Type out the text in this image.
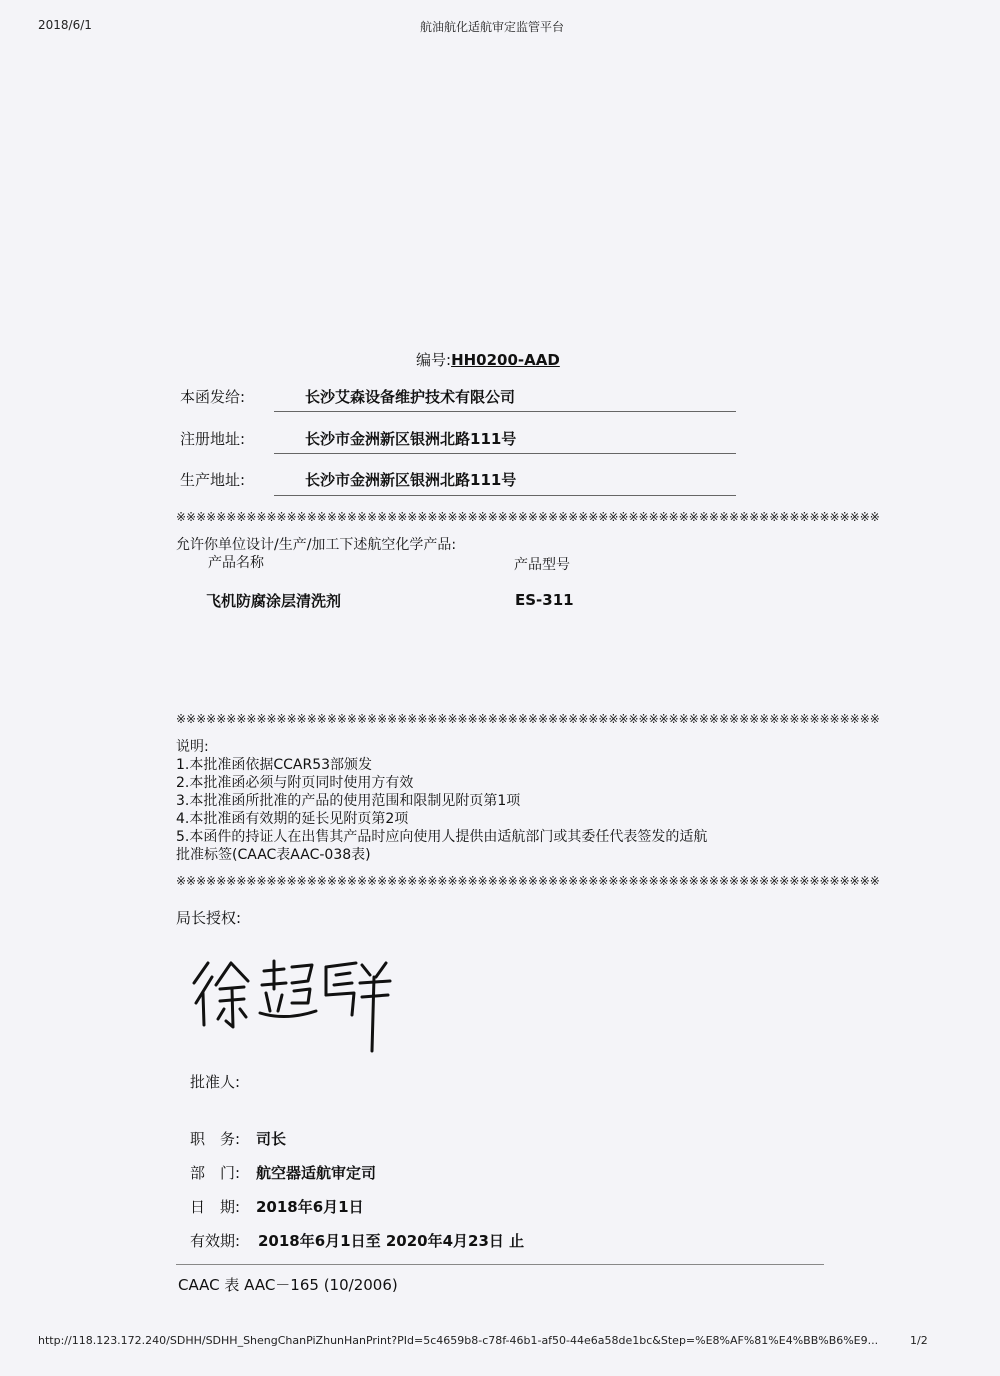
2018/6/1	航油航化适航审定监管平台
编号:HH0200-AAD
本函发给:	长沙艾森设备维护技术有限公司
注册地址:	长沙市金洲新区银洲北路111号
生产地址:	长沙市金洲新区银洲北路111号
※※※※※※※※※※※※※※※※※※※※※※※※※※※※※※※※※※※※※※※※※※※※※※※※※※※※※※※※※※※※※※※※※※※※※※
允许你单位设计/生产/加工下述航空化学产品:
产品名称	产品型号
飞机防腐涂层清洗剂	ES-311
※※※※※※※※※※※※※※※※※※※※※※※※※※※※※※※※※※※※※※※※※※※※※※※※※※※※※※※※※※※※※※※※※※※※※※
说明:
1.本批准函依据CCAR53部颁发
2.本批准函必须与附页同时使用方有效
3.本批准函所批准的产品的使用范围和限制见附页第1项
4.本批准函有效期的延长见附页第2项
5.本函件的持证人在出售其产品时应向使用人提供由适航部门或其委任代表签发的适航
批准标签(CAAC表AAC-038表)
※※※※※※※※※※※※※※※※※※※※※※※※※※※※※※※※※※※※※※※※※※※※※※※※※※※※※※※※※※※※※※※※※※※※※※
局长授权:
批准人:
职　务: 司长
部　门: 航空器适航审定司
日　期: 2018年6月1日
有效期: 2018年6月1日至 2020年4月23日 止
CAAC 表 AAC－165 (10/2006)
http://118.123.172.240/SDHH/SDHH_ShengChanPiZhunHanPrint?PId=5c4659b8-c78f-46b1-af50-44e6a58de1bc&Step=%E8%AF%81%E4%BB%B6%E9...	1/2
